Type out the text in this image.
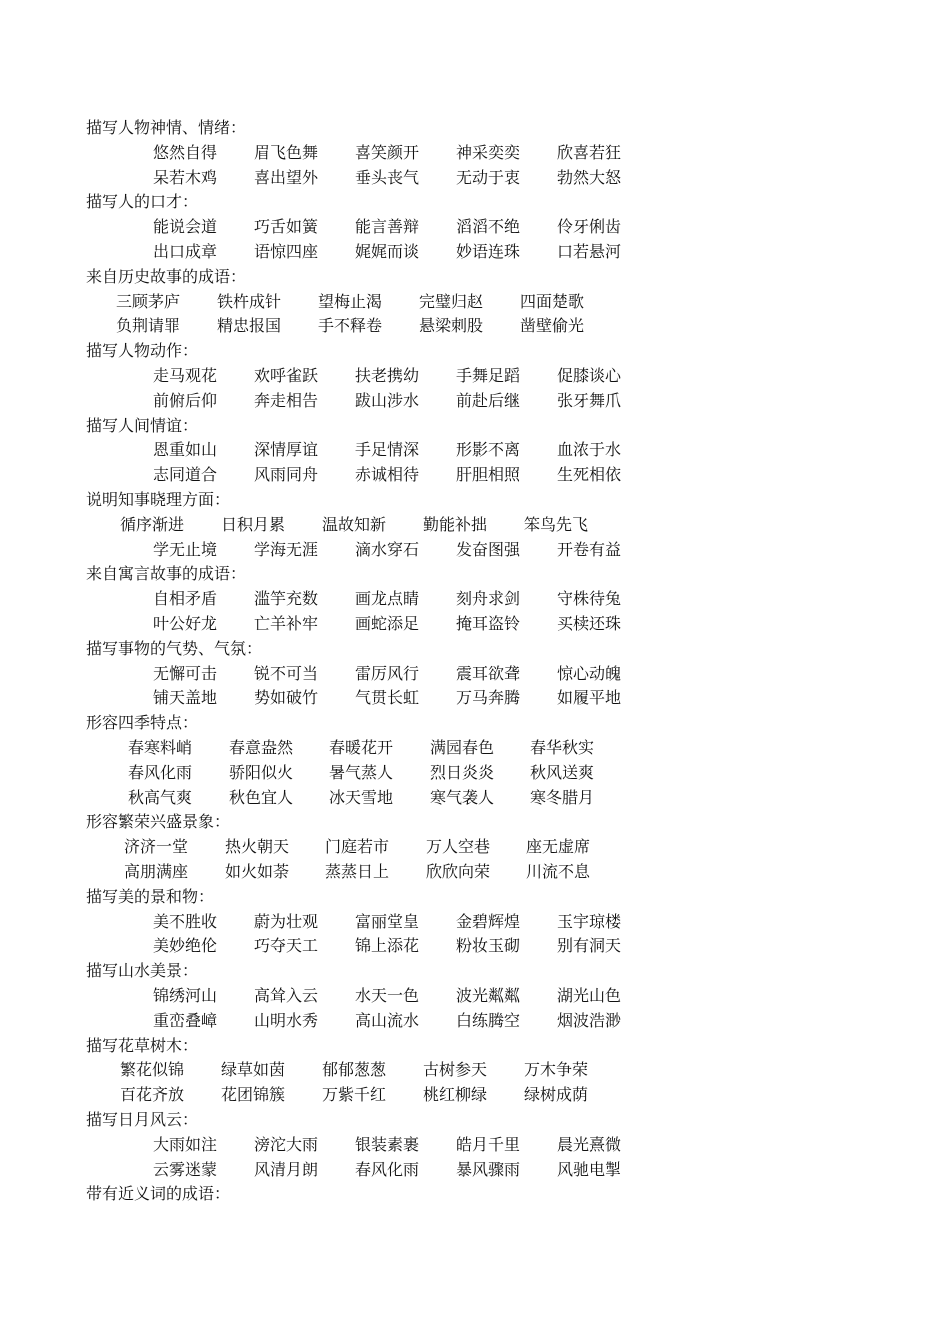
描写人物神情、情绪：
悠然自得 眉飞色舞 喜笑颜开 神采奕奕 欣喜若狂
呆若木鸡 喜出望外 垂头丧气 无动于衷 勃然大怒
描写人的口才：
能说会道 巧舌如簧 能言善辩 滔滔不绝 伶牙俐齿
出口成章 语惊四座 娓娓而谈 妙语连珠 口若悬河
来自历史故事的成语：
三顾茅庐 铁杵成针 望梅止渴 完璧归赵 四面楚歌
负荆请罪 精忠报国 手不释卷 悬梁刺股 凿壁偷光
描写人物动作：
走马观花 欢呼雀跃 扶老携幼 手舞足蹈 促膝谈心
前俯后仰 奔走相告 跋山涉水 前赴后继 张牙舞爪
描写人间情谊：
恩重如山 深情厚谊 手足情深 形影不离 血浓于水
志同道合 风雨同舟 赤诚相待 肝胆相照 生死相依
说明知事晓理方面：
循序渐进 日积月累 温故知新 勤能补拙 笨鸟先飞
学无止境 学海无涯 滴水穿石 发奋图强 开卷有益
来自寓言故事的成语：
自相矛盾 滥竽充数 画龙点睛 刻舟求剑 守株待兔
叶公好龙 亡羊补牢 画蛇添足 掩耳盗铃 买椟还珠
描写事物的气势、气氛：
无懈可击 锐不可当 雷厉风行 震耳欲聋 惊心动魄
铺天盖地 势如破竹 气贯长虹 万马奔腾 如履平地
形容四季特点：
春寒料峭 春意盎然 春暖花开 满园春色 春华秋实
春风化雨 骄阳似火 暑气蒸人 烈日炎炎 秋风送爽
秋高气爽 秋色宜人 冰天雪地 寒气袭人 寒冬腊月
形容繁荣兴盛景象：
济济一堂 热火朝天 门庭若市 万人空巷 座无虚席
高朋满座 如火如荼 蒸蒸日上 欣欣向荣 川流不息
描写美的景和物：
美不胜收 蔚为壮观 富丽堂皇 金碧辉煌 玉宇琼楼
美妙绝伦 巧夺天工 锦上添花 粉妆玉砌 别有洞天
描写山水美景：
锦绣河山 高耸入云 水天一色 波光粼粼 湖光山色
重峦叠嶂 山明水秀 高山流水 白练腾空 烟波浩渺
描写花草树木：
繁花似锦 绿草如茵 郁郁葱葱 古树参天 万木争荣
百花齐放 花团锦簇 万紫千红 桃红柳绿 绿树成荫
描写日月风云：
大雨如注 滂沱大雨 银装素裹 皓月千里 晨光熹微
云雾迷蒙 风清月朗 春风化雨 暴风骤雨 风驰电掣
带有近义词的成语：
